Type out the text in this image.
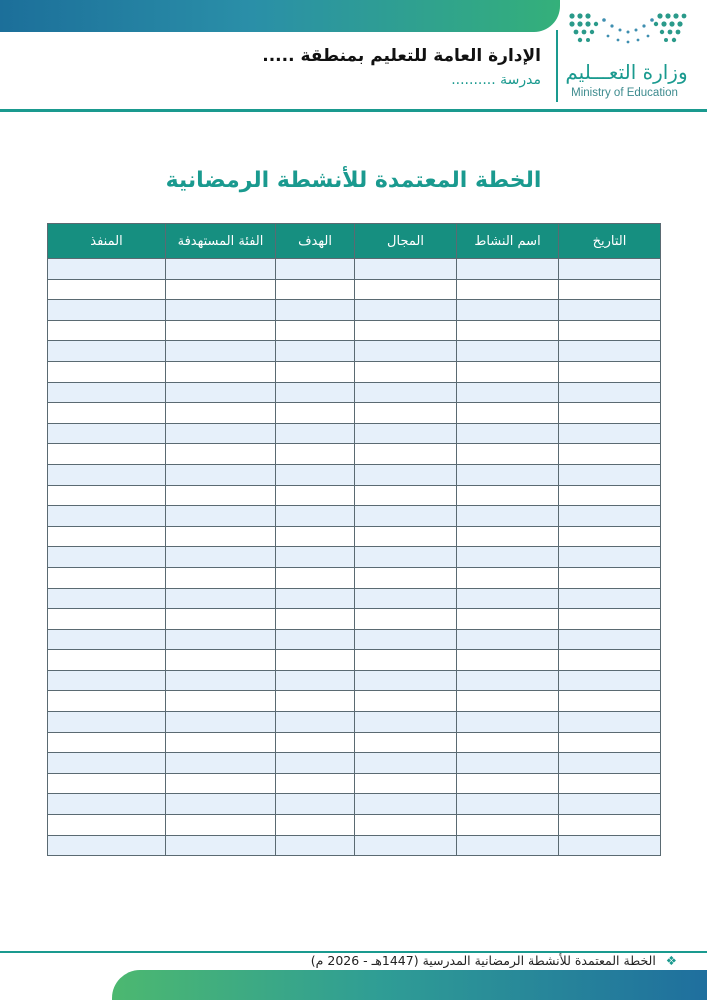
وزارة التعـــليم
Ministry of Education
الإدارة العامة للتعليم بمنطقة .....
مدرسة ..........
الخطة المعتمدة للأنشطة الرمضانية
التاريخ	اسم النشاط	المجال	الهدف	الفئة المستهدفة	المنفذ

❖ الخطة المعتمدة للأنشطة الرمضانية المدرسية (1447هـ - 2026 م)
